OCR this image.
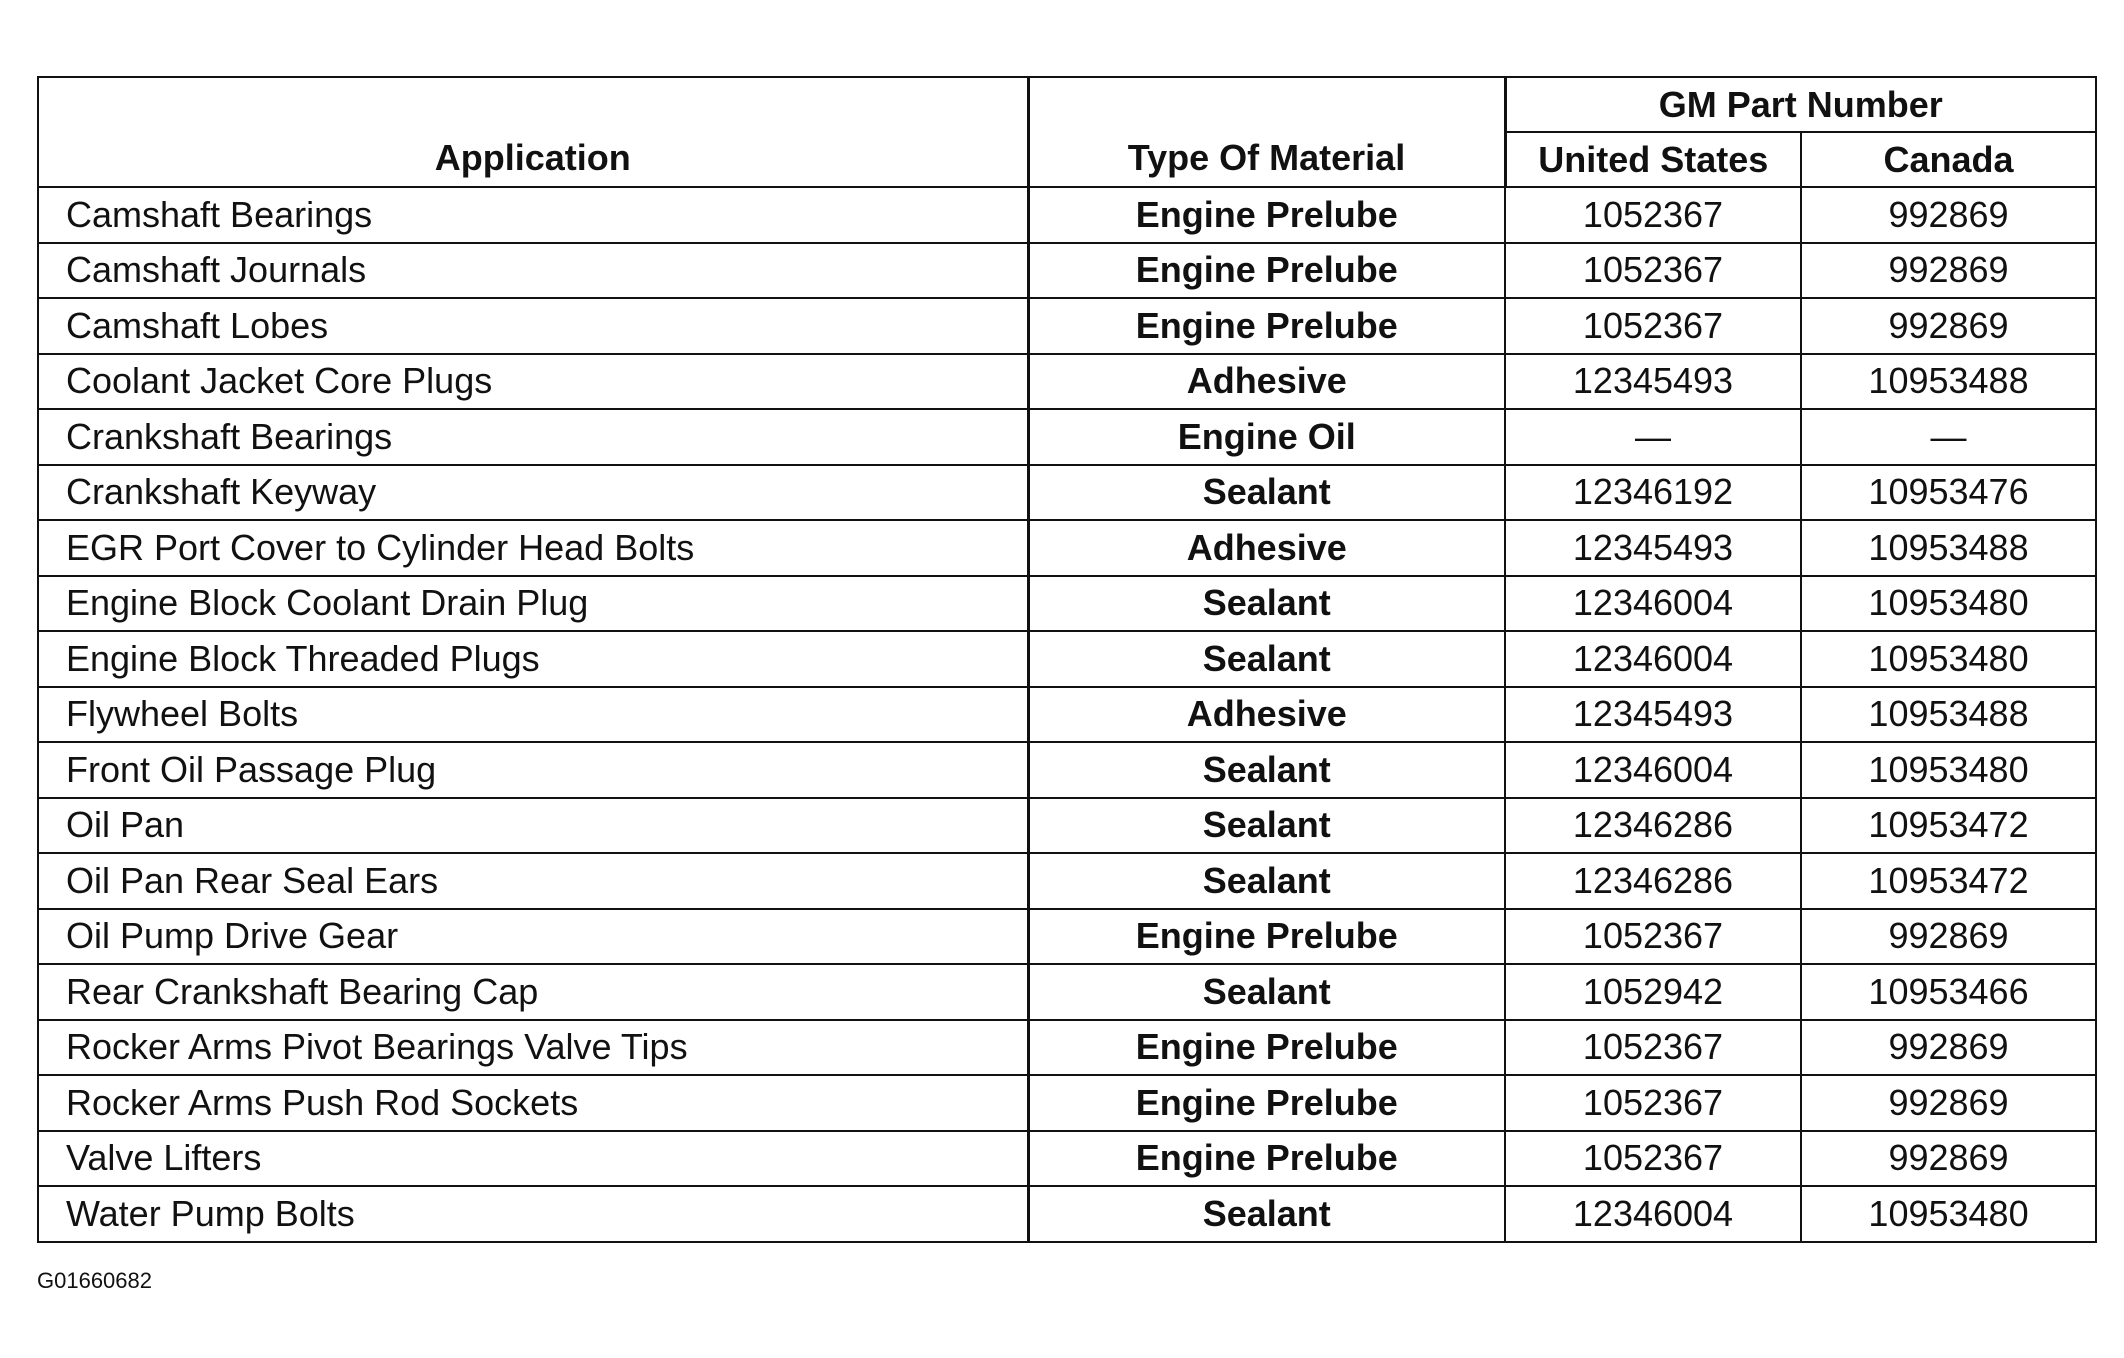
Application	Type Of Material	GM Part Number	
		United States	Canada
Camshaft Bearings	Engine Prelube	1052367	992869
Camshaft Journals	Engine Prelube	1052367	992869
Camshaft Lobes	Engine Prelube	1052367	992869
Coolant Jacket Core Plugs	Adhesive	12345493	10953488
Crankshaft Bearings	Engine Oil	—	—
Crankshaft Keyway	Sealant	12346192	10953476
EGR Port Cover to Cylinder Head Bolts	Adhesive	12345493	10953488
Engine Block Coolant Drain Plug	Sealant	12346004	10953480
Engine Block Threaded Plugs	Sealant	12346004	10953480
Flywheel Bolts	Adhesive	12345493	10953488
Front Oil Passage Plug	Sealant	12346004	10953480
Oil Pan	Sealant	12346286	10953472
Oil Pan Rear Seal Ears	Sealant	12346286	10953472
Oil Pump Drive Gear	Engine Prelube	1052367	992869
Rear Crankshaft Bearing Cap	Sealant	1052942	10953466
Rocker Arms Pivot Bearings Valve Tips	Engine Prelube	1052367	992869
Rocker Arms Push Rod Sockets	Engine Prelube	1052367	992869
Valve Lifters	Engine Prelube	1052367	992869
Water Pump Bolts	Sealant	12346004	10953480
G01660682
